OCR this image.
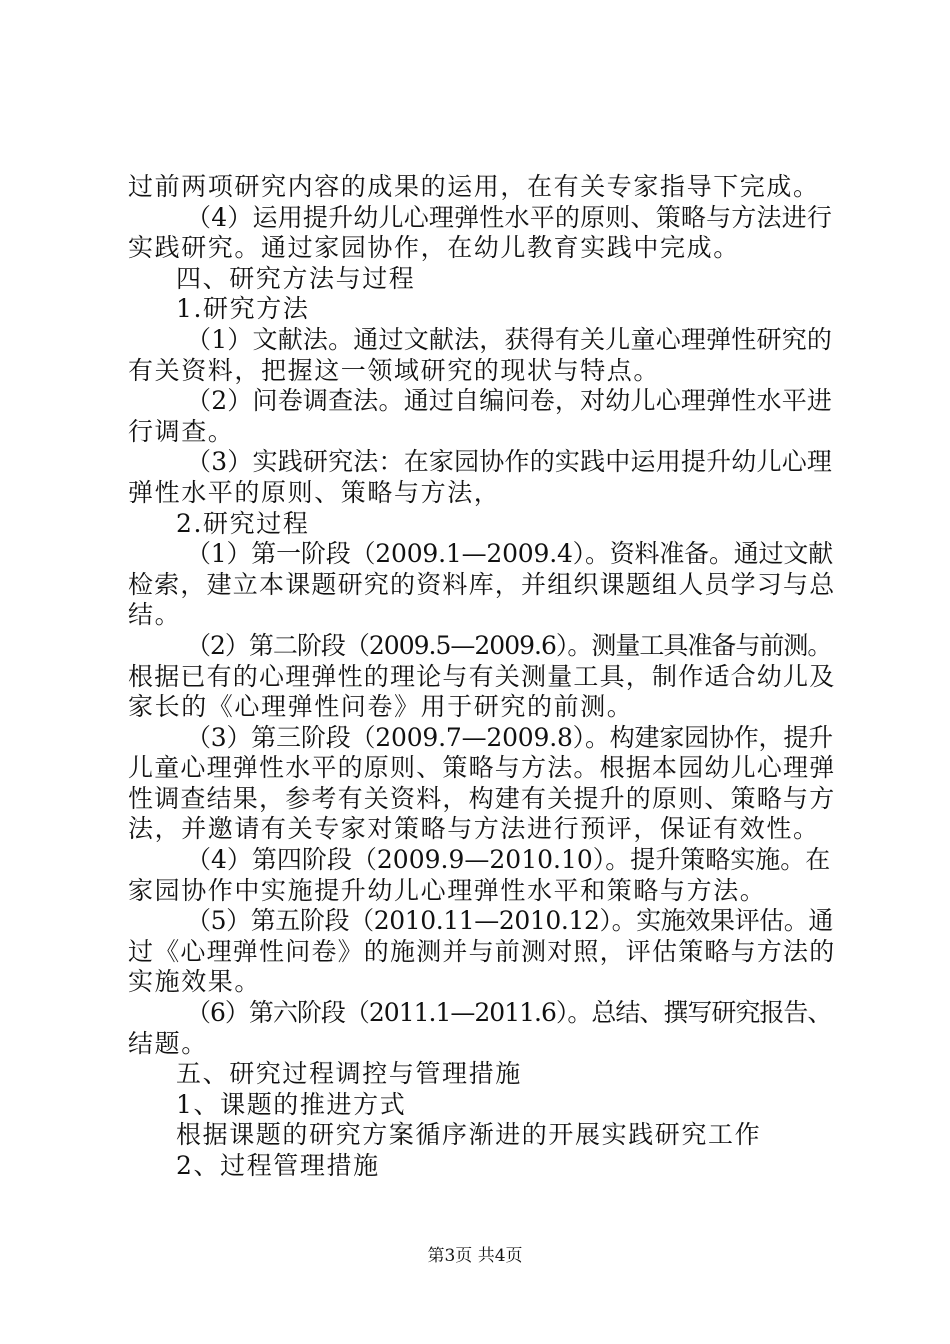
过前两项研究内容的成果的运用，在有关专家指导下完成。
（4）运用提升幼儿心理弹性水平的原则、策略与方法进行
实践研究。通过家园协作，在幼儿教育实践中完成。
四、研究方法与过程
1.研究方法
（1）文献法。通过文献法，获得有关儿童心理弹性研究的
有关资料，把握这一领域研究的现状与特点。
（2）问卷调查法。通过自编问卷，对幼儿心理弹性水平进
行调查。
（3）实践研究法：在家园协作的实践中运用提升幼儿心理
弹性水平的原则、策略与方法，
2.研究过程
（1）第一阶段（2009.1—2009.4）。资料准备。通过文献
检索，建立本课题研究的资料库，并组织课题组人员学习与总
结。
（2）第二阶段（2009.5—2009.6）。测量工具准备与前测。
根据已有的心理弹性的理论与有关测量工具，制作适合幼儿及
家长的《心理弹性问卷》用于研究的前测。
（3）第三阶段（2009.7—2009.8）。构建家园协作，提升
儿童心理弹性水平的原则、策略与方法。根据本园幼儿心理弹
性调查结果，参考有关资料，构建有关提升的原则、策略与方
法，并邀请有关专家对策略与方法进行预评，保证有效性。
（4）第四阶段（2009.9—2010.10）。提升策略实施。在
家园协作中实施提升幼儿心理弹性水平和策略与方法。
（5）第五阶段（2010.11—2010.12）。实施效果评估。通
过《心理弹性问卷》的施测并与前测对照，评估策略与方法的
实施效果。
（6）第六阶段（2011.1—2011.6）。总结、撰写研究报告、
结题。
五、研究过程调控与管理措施
1、课题的推进方式
根据课题的研究方案循序渐进的开展实践研究工作
2、过程管理措施
第3页 共4页
